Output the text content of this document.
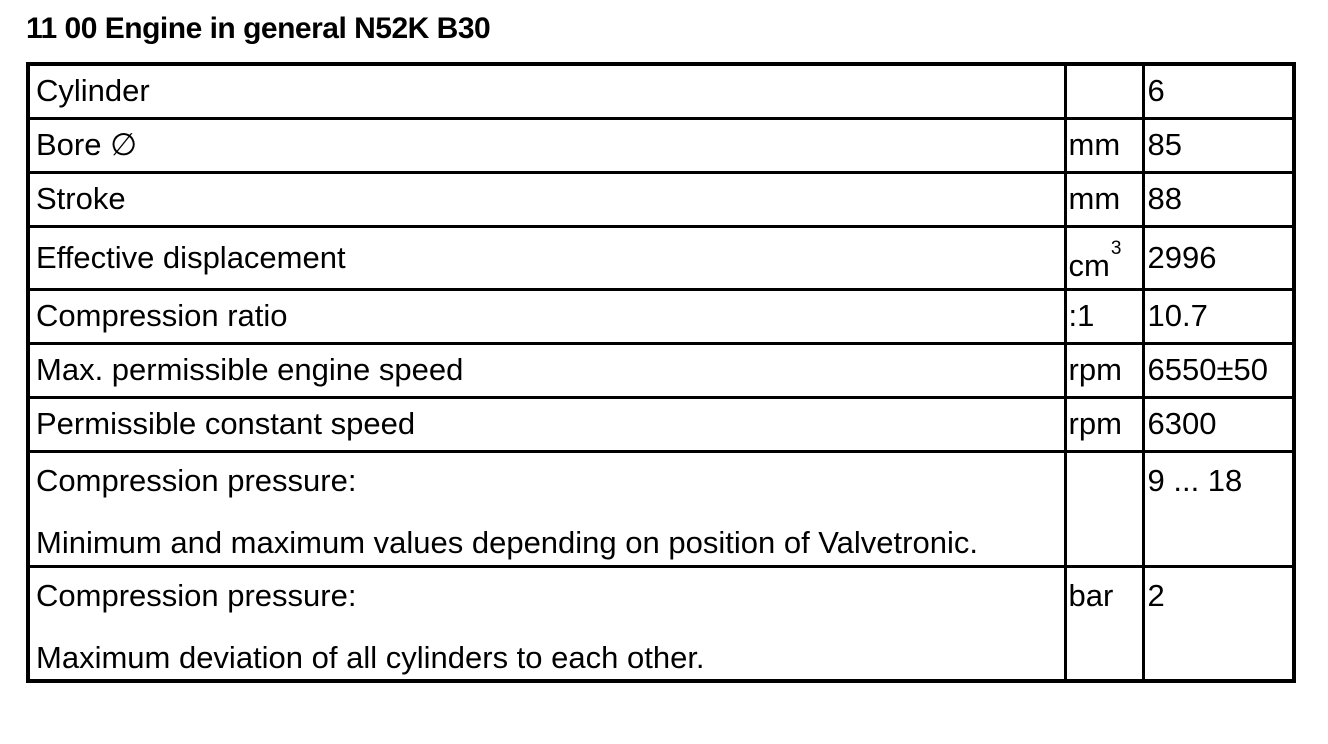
11 00 Engine in general N52K B30
Cylinder		6
Bore ∅	mm	85
Stroke	mm	88
Effective displacement	$cm^3$	2996
Compression ratio	:1	10.7
Max. permissible engine speed	rpm	6550±50
Permissible constant speed	rpm	6300
Compression pressure:
Minimum and maximum values depending on position of Valvetronic.		9 ... 18
Compression pressure:
Maximum deviation of all cylinders to each other.	bar	2
